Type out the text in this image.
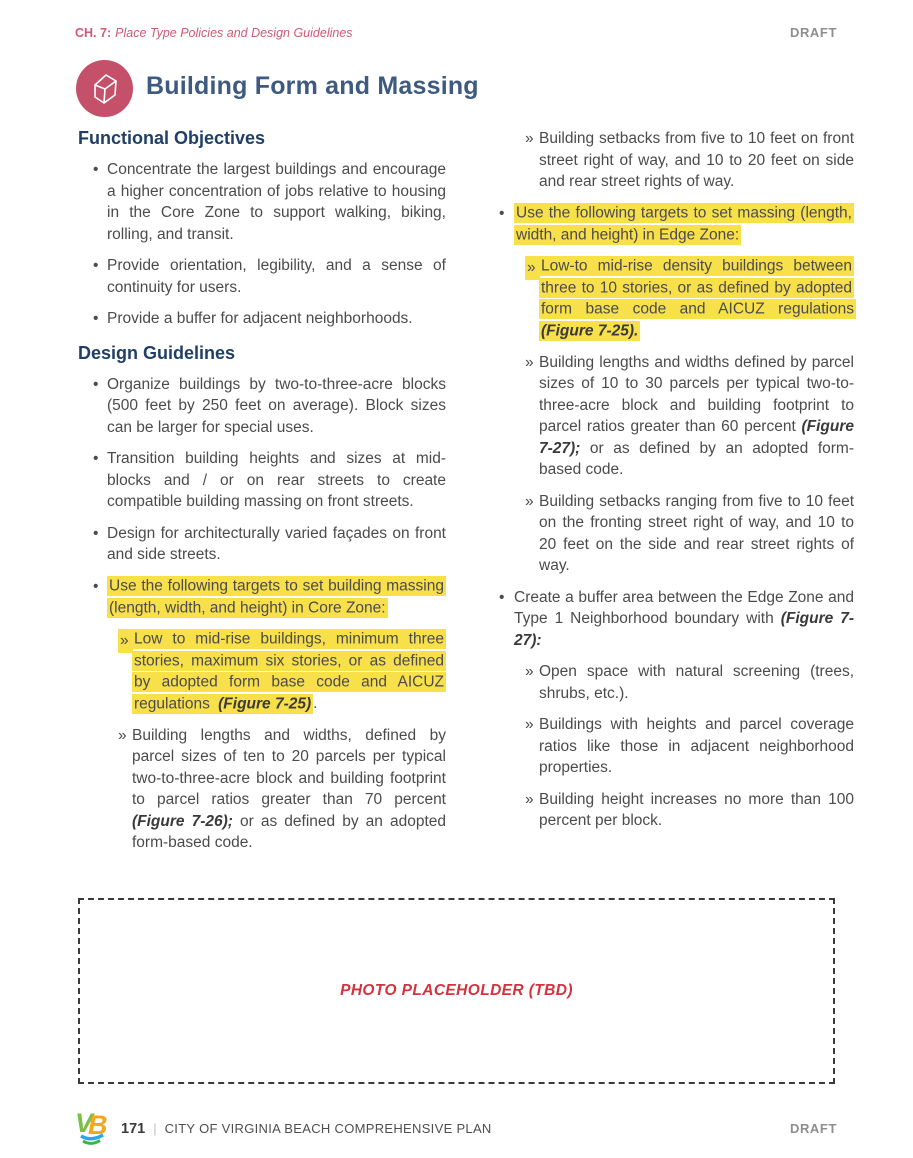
CH. 7: Place Type Policies and Design Guidelines	DRAFT
Building Form and Massing
Functional Objectives
• Concentrate the largest buildings and encourage a higher concentration of jobs relative to housing in the Core Zone to support walking, biking, rolling, and transit.
• Provide orientation, legibility, and a sense of continuity for users.
• Provide a buffer for adjacent neighborhoods.
Design Guidelines
• Organize buildings by two-to-three-acre blocks (500 feet by 250 feet on average). Block sizes can be larger for special uses.
• Transition building heights and sizes at mid-blocks and / or on rear streets to create compatible building massing on front streets.
• Design for architecturally varied façades on front and side streets.
• Use the following targets to set building massing (length, width, and height) in Core Zone:
» Low to mid-rise buildings, minimum three stories, maximum six stories, or as defined by adopted form base code and AICUZ regulations (Figure 7-25) .
» Building lengths and widths, defined by parcel sizes of ten to 20 parcels per typical two-to-three-acre block and building footprint to parcel ratios greater than 70 percent (Figure 7-26); or as defined by an adopted form-based code.
» Building setbacks from five to 10 feet on front street right of way, and 10 to 20 feet on side and rear street rights of way.
• Use the following targets to set massing (length, width, and height) in Edge Zone:
» Low-to mid-rise density buildings between three to 10 stories, or as defined by adopted form base code and AICUZ regulations (Figure 7-25).
» Building lengths and widths defined by parcel sizes of 10 to 30 parcels per typical two-to-three-acre block and building footprint to parcel ratios greater than 60 percent (Figure 7-27); or as defined by an adopted form-based code.
» Building setbacks ranging from five to 10 feet on the fronting street right of way, and 10 to 20 feet on the side and rear street rights of way.
• Create a buffer area between the Edge Zone and Type 1 Neighborhood boundary with (Figure 7-27):
» Open space with natural screening (trees, shrubs, etc.).
» Buildings with heights and parcel coverage ratios like those in adjacent neighborhood properties.
» Building height increases no more than 100 percent per block.
PHOTO PLACEHOLDER (TBD)
V
B 171 | CITY OF VIRGINIA BEACH COMPREHENSIVE PLAN	DRAFT
